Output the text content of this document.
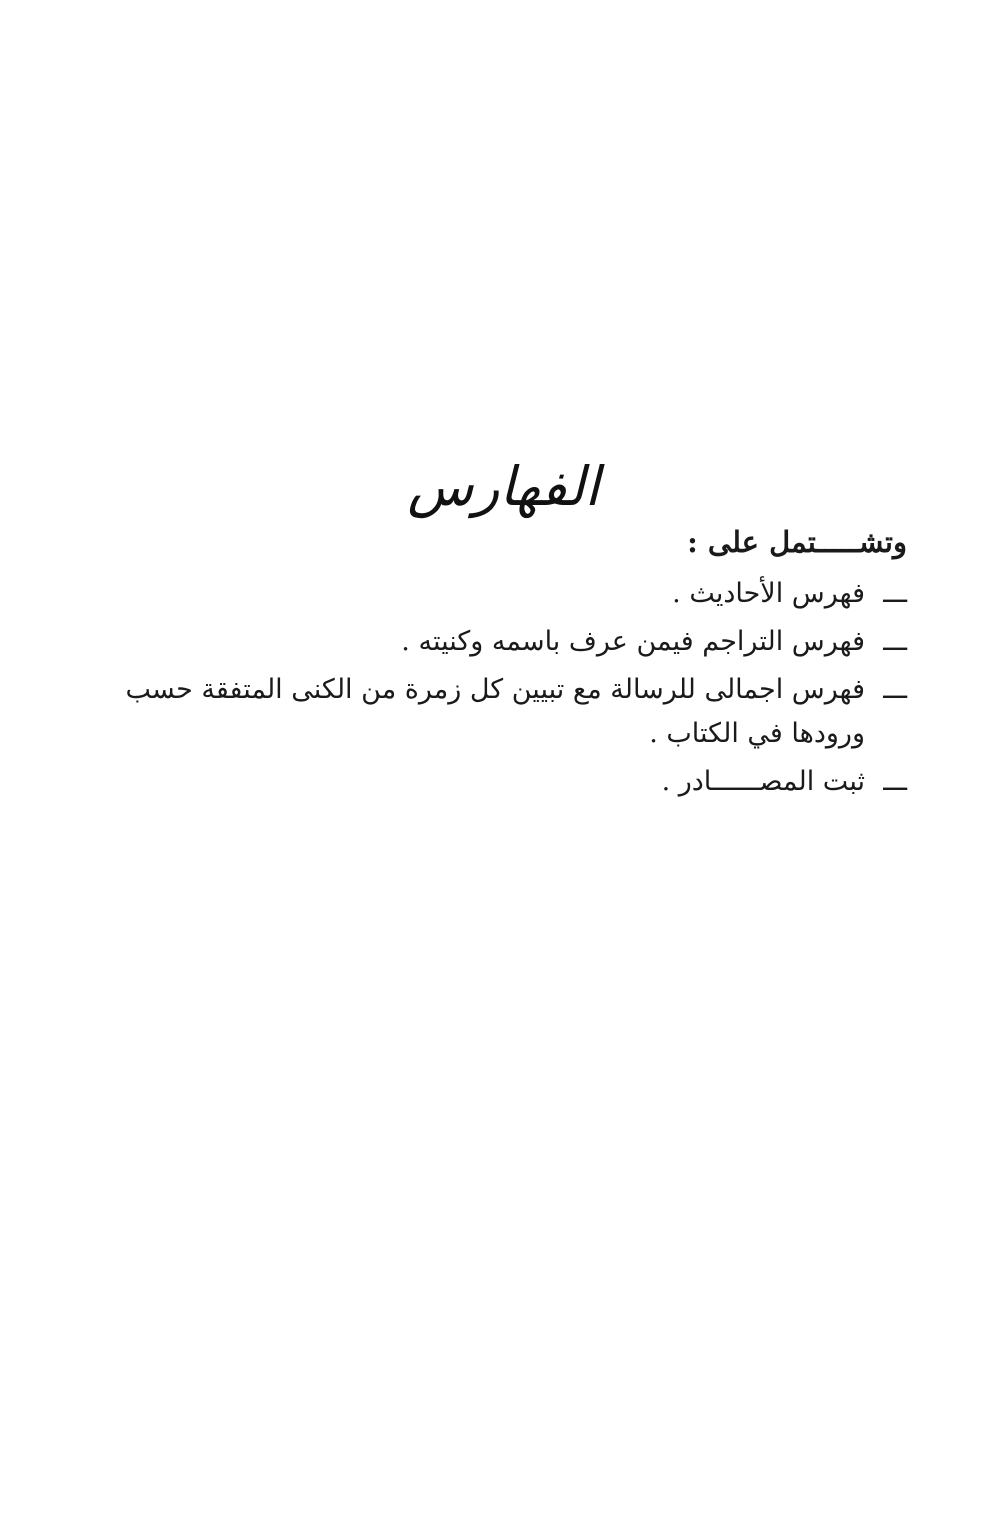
الفهارس
وتشـــــتمل على :
ـــ
فهرس الأحاديث .
ـــ
فهرس التراجم فيمن عرف باسمه وكنيته .
ـــ
فهرس اجمالى للرسالة مع تبيين كل زمرة من الكنى المتفقة حسب ورودها في الكتاب .
ـــ
ثبت المصــــــادر .
